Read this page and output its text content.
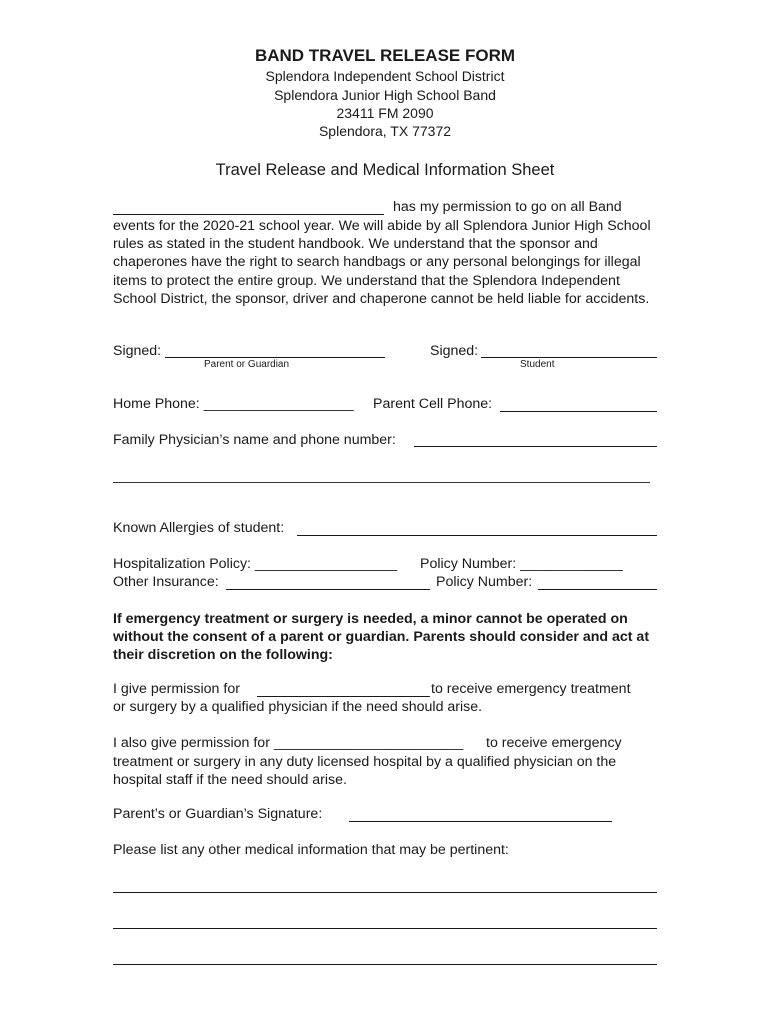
BAND TRAVEL RELEASE FORM
Splendora Independent School District
Splendora Junior High School Band
23411 FM 2090
Splendora, TX 77372
Travel Release and Medical Information Sheet
has my permission to go on all Band
events for the 2020-21 school year. We will abide by all Splendora Junior High School rules as stated in the student handbook. We understand that the sponsor and chaperones have the right to search handbags or any personal belongings for illegal items to protect the entire group. We understand that the Splendora Independent School District, the sponsor, driver and chaperone cannot be held liable for accidents.
Signed:
Parent or Guardian
Signed:
Student
Home Phone: ___________________ Parent Cell Phone:
Family Physician’s name and phone number:
Known Allergies of student:
Hospitalization Policy: __________________ Policy Number: _____________
Other Insurance:	Policy Number:
If emergency treatment or surgery is needed, a minor cannot be operated on without the consent of a parent or guardian. Parents should consider and act at their discretion on the following:
I give permission for	to receive emergency treatment
or surgery by a qualified physician if the need should arise.
I also give permission for ________________________ to receive emergency
treatment or surgery in any duty licensed hospital by a qualified physician on the hospital staff if the need should arise.
Parent’s or Guardian’s Signature:
Please list any other medical information that may be pertinent:
